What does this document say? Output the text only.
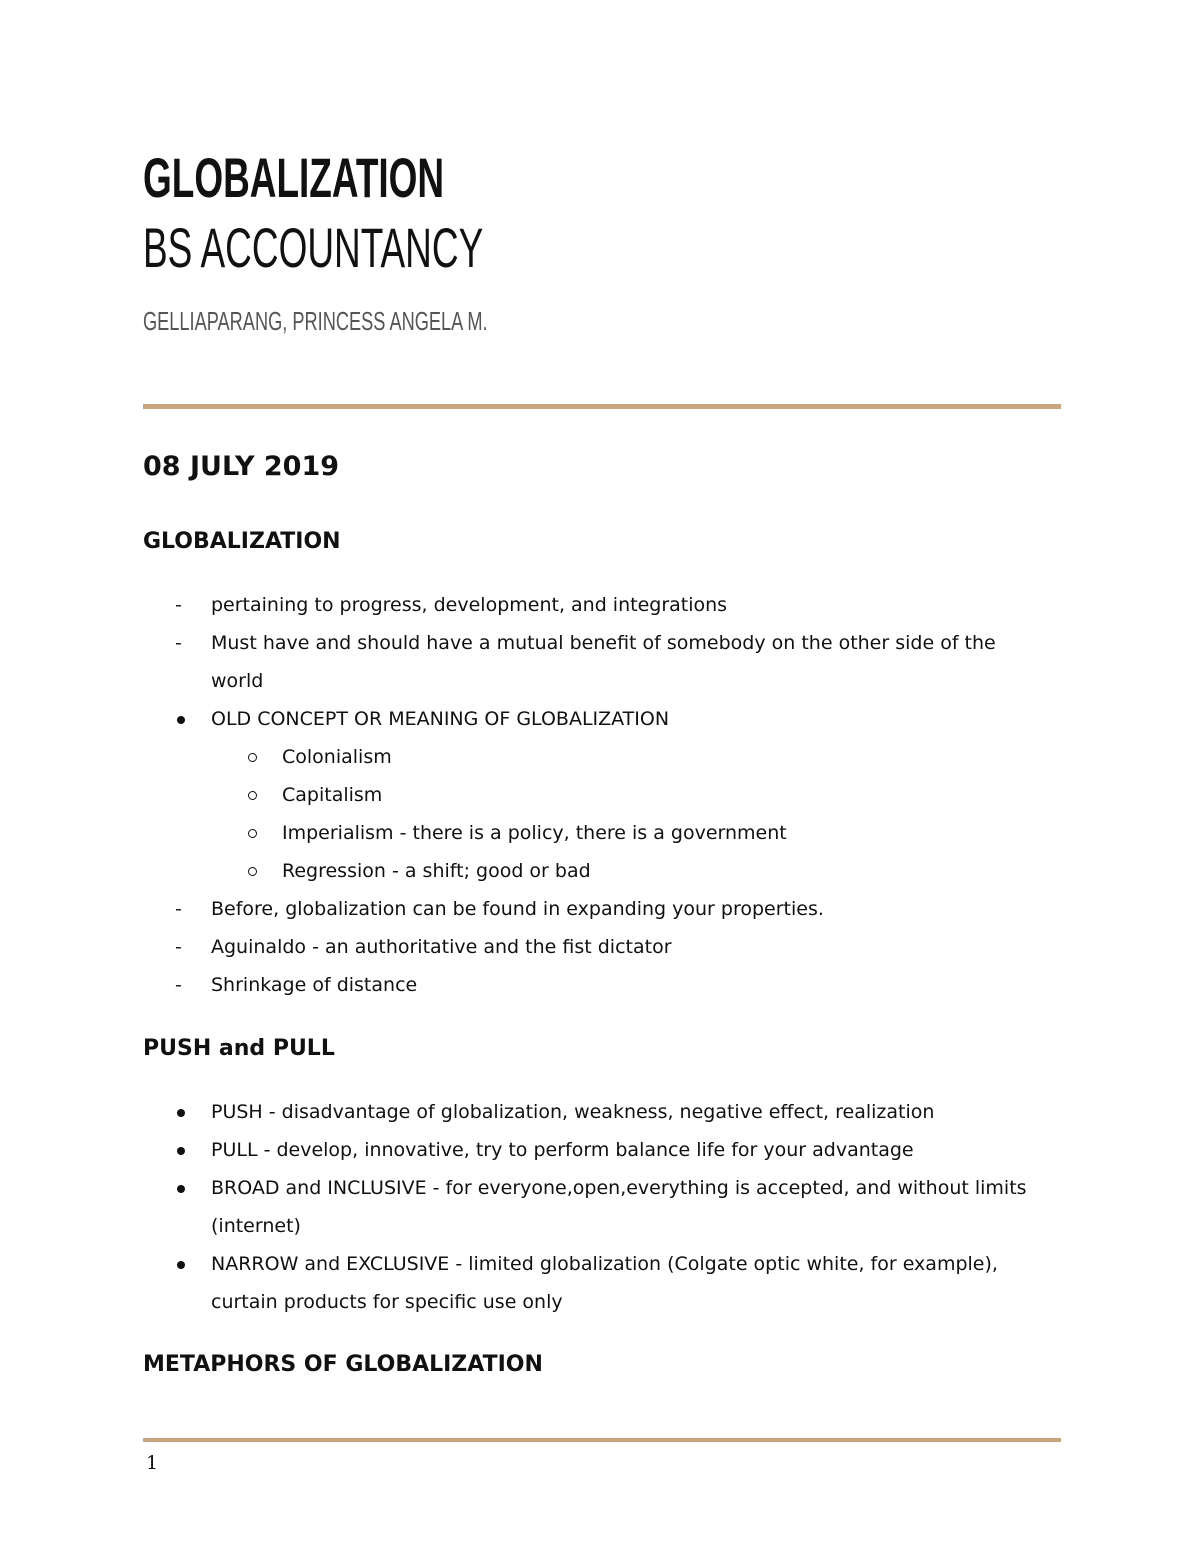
GLOBALIZATION
BS ACCOUNTANCY
GELLIAPARANG, PRINCESS ANGELA M.
08 JULY 2019
GLOBALIZATION
- pertaining to progress, development, and integrations
- Must have and should have a mutual benefit of somebody on the other side of the world
OLD CONCEPT OR MEANING OF GLOBALIZATION
Colonialism
Capitalism
Imperialism - there is a policy, there is a government
Regression - a shift; good or bad
- Before, globalization can be found in expanding your properties.
- Aguinaldo - an authoritative and the fist dictator
- Shrinkage of distance
PUSH and PULL
PUSH - disadvantage of globalization, weakness, negative effect, realization
PULL - develop, innovative, try to perform balance life for your advantage
BROAD and INCLUSIVE - for everyone,open,everything is accepted, and without limits (internet)
NARROW and EXCLUSIVE - limited globalization (Colgate optic white, for example), curtain products for specific use only
METAPHORS OF GLOBALIZATION
1
